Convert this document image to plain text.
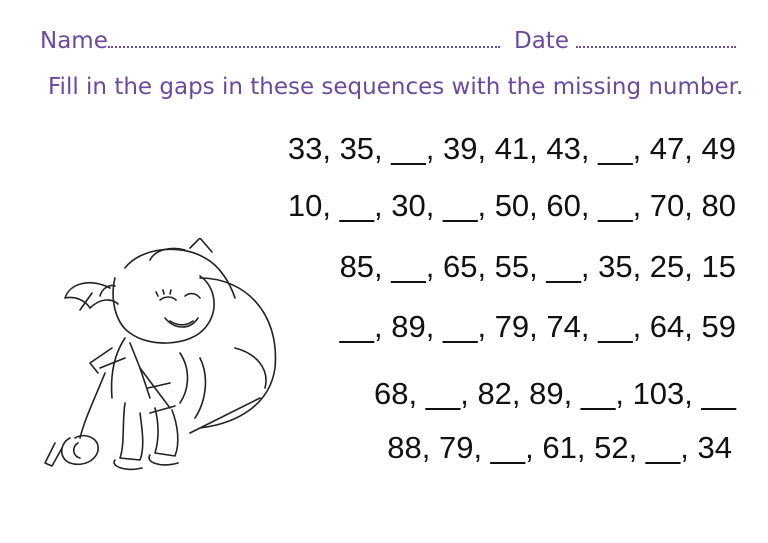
Name	Date
Fill in the gaps in these sequences with the missing number.
33, 35, __, 39, 41, 43, __, 47, 49
10, __, 30, __, 50, 60, __, 70, 80
85, __, 65, 55, __, 35, 25, 15
__, 89, __, 79, 74, __, 64, 59
68, __, 82, 89, __, 103, __
88, 79, __, 61, 52, __, 34
